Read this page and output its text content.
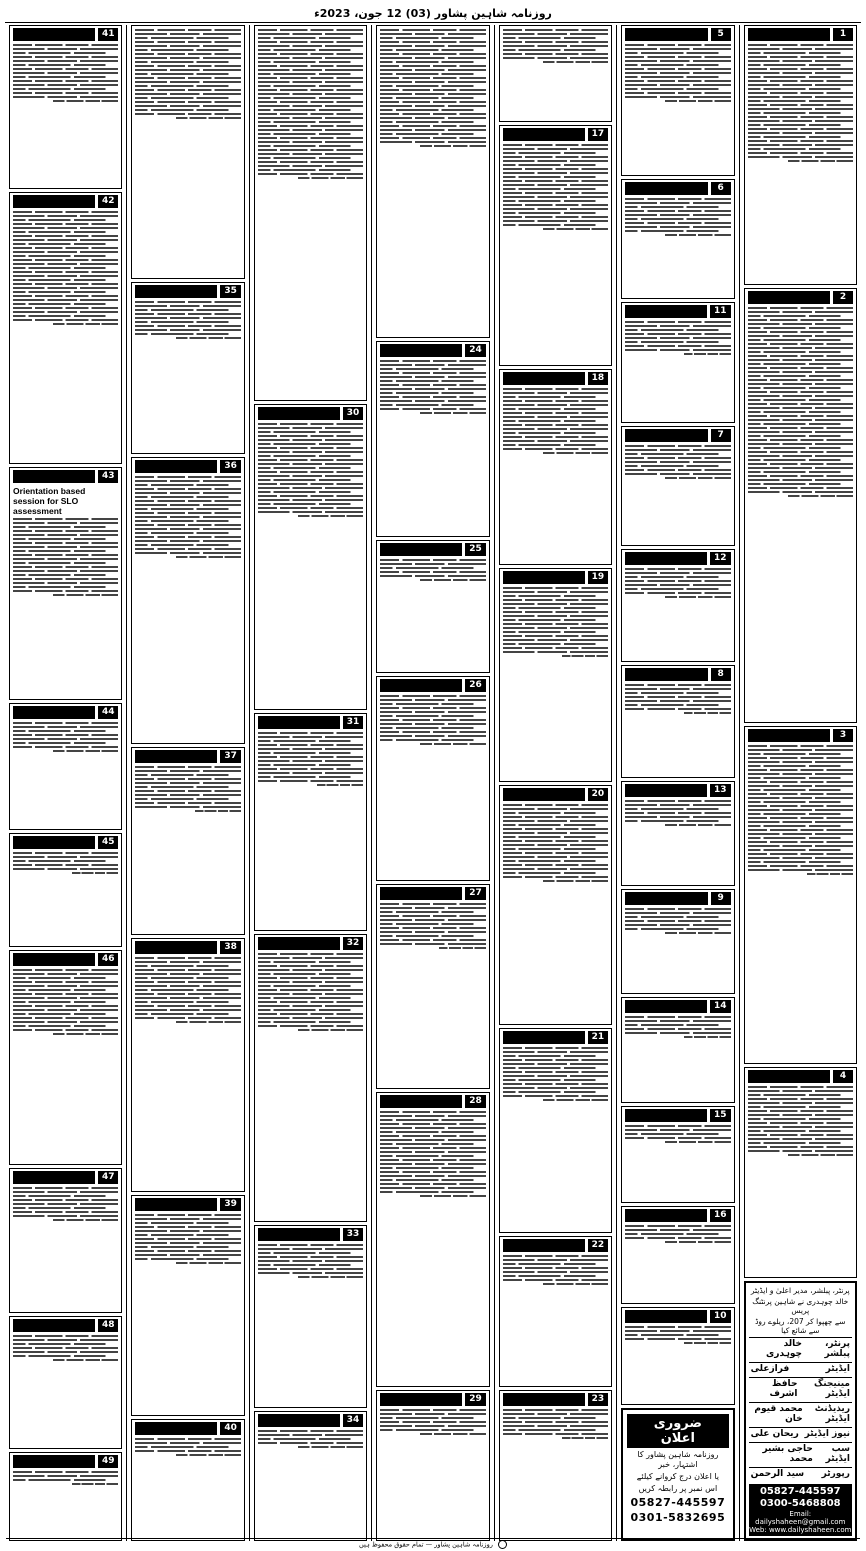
روزنامہ شاہین پشاور (03) 12 جون، 2023ء
1
2
3
4
پرنٹر، پبلشر، مدیر اعلیٰ و ایڈیٹر
خالد چوہدری نے شاہین پرنٹنگ پریس
سے چھپوا کر 207، ریلوے روڈ سے شائع کیا
پرنٹر، پبلشر
خالد چوہدری
ایڈیٹر
فرازعلی
مینیجنگ ایڈیٹر
حافظ اشرف
ریذیڈنٹ ایڈیٹر
محمد قیوم خان
نیوز ایڈیٹر
ریحان علی
سب ایڈیٹر
حاجی بشیر محمد
رپورٹر
سید الرحمن
05827-445597
0300-5468808
Email: dailyshaheen@gmail.com
Web: www.dailyshaheen.com
5
6
11
7
12
8
13
9
14
15
16
10
ضروری اعلان
روزنامہ شاہین پشاور کا اشتہار، خبر
یا اعلان درج کروانے کیلئے
اس نمبر پر رابطہ کریں
05827-445597
0301-5832695
17
18
19
20
21
22
23
24
25
26
27
28
29
30
31
32
33
34
35
36
37
38
39
40
41
42
43
Orientation based session for SLO assessment
44
45
46
47
48
49
روزنامہ شاہین پشاور — تمام حقوق محفوظ ہیں
